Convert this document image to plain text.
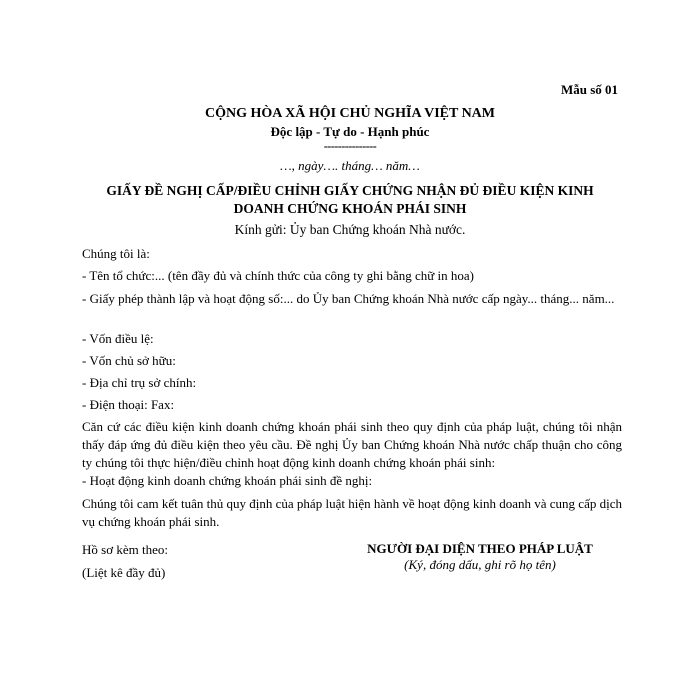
Mẫu số 01
CỘNG HÒA XÃ HỘI CHỦ NGHĨA VIỆT NAM
Độc lập - Tự do - Hạnh phúc
---------------
…, ngày…. tháng… năm…
GIẤY ĐỀ NGHỊ CẤP/ĐIỀU CHỈNH GIẤY CHỨNG NHẬN ĐỦ ĐIỀU KIỆN KINH DOANH CHỨNG KHOÁN PHÁI SINH
Kính gửi: Ủy ban Chứng khoán Nhà nước.
Chúng tôi là:
- Tên tổ chức:... (tên đầy đủ và chính thức của công ty ghi bằng chữ in hoa)
- Giấy phép thành lập và hoạt động số:... do Ủy ban Chứng khoán Nhà nước cấp ngày... tháng... năm...
- Vốn điều lệ:
- Vốn chủ sở hữu:
- Địa chỉ trụ sở chính:
- Điện thoại: Fax:
Căn cứ các điều kiện kinh doanh chứng khoán phái sinh theo quy định của pháp luật, chúng tôi nhận thấy đáp ứng đủ điều kiện theo yêu cầu. Đề nghị Ủy ban Chứng khoán Nhà nước chấp thuận cho công ty chúng tôi thực hiện/điều chỉnh hoạt động kinh doanh chứng khoán phái sinh:
- Hoạt động kinh doanh chứng khoán phái sinh đề nghị:
Chúng tôi cam kết tuân thủ quy định của pháp luật hiện hành về hoạt động kinh doanh và cung cấp dịch vụ chứng khoán phái sinh.
Hồ sơ kèm theo:
(Liệt kê đầy đủ)
NGƯỜI ĐẠI DIỆN THEO PHÁP LUẬT
(Ký, đóng dấu, ghi rõ họ tên)
